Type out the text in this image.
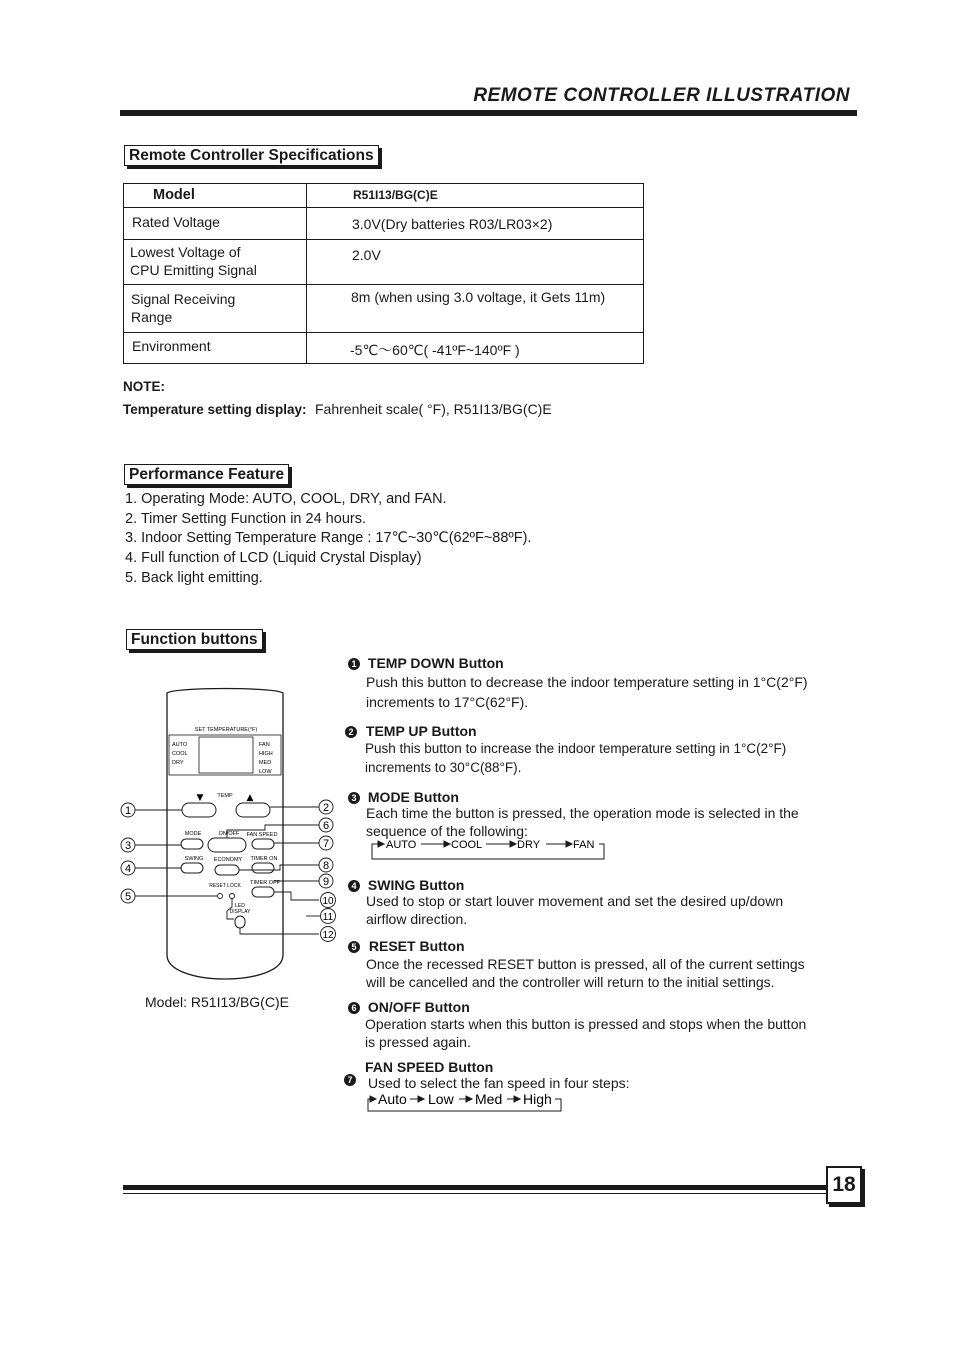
REMOTE CONTROLLER ILLUSTRATION
Remote Controller Specifications
Model	R51I13/BG(C)E
Rated Voltage	3.0V(Dry batteries R03/LR03×2)

Lowest Voltage of
CPU Emitting Signal	2.0V

Signal Receiving
Range	8m (when using 3.0 voltage, it Gets 11m)
Environment	-5℃～60℃( -41ºF~140ºF )
NOTE:
Temperature setting display: Fahrenheit scale( °F), R51I13/BG(C)E
Performance Feature
1. Operating Mode: AUTO, COOL, DRY, and FAN.
2. Timer Setting Function in 24 hours.
3. Indoor Setting Temperature Range : 17℃~30℃(62ºF~88ºF).
4. Full function of LCD (Liquid Crystal Display)
5. Back light emitting.
Function buttons
SET TEMPERATURE(°F)
AUTO
COOL
DRY
FAN
HIGH
MED
LOW
TEMP
▼	▲
MODE	ON/OFF FAN SPEED
SWING ECONOMY TIMER ON
RESET LOCK TIMER OFF
LED
DISPLAY
1	2
3
4
5
6
7
8
9
10
11
12
Model: R51I13/BG(C)E
1 TEMP DOWN Button
Push this button to decrease the indoor temperature setting in 1°C(2°F)
increments to 17°C(62°F).
2 TEMP UP Button
Push this button to increase the indoor temperature setting in 1°C(2°F)
increments to 30°C(88°F).
3 MODE Button
Each time the button is pressed, the operation mode is selected in the
sequence of the following:
AUTO	COOL	DRY	FAN
4 SWING Button
Used to stop or start louver movement and set the desired up/down
airflow direction.
5 RESET Button
Once the recessed RESET button is pressed, all of the current settings
will be cancelled and the controller will return to the initial settings.
6 ON/OFF Button
Operation starts when this button is pressed and stops when the button
is pressed again.
FAN SPEED Button
7 Used to select the fan speed in four steps:
Auto Low Med High
18
